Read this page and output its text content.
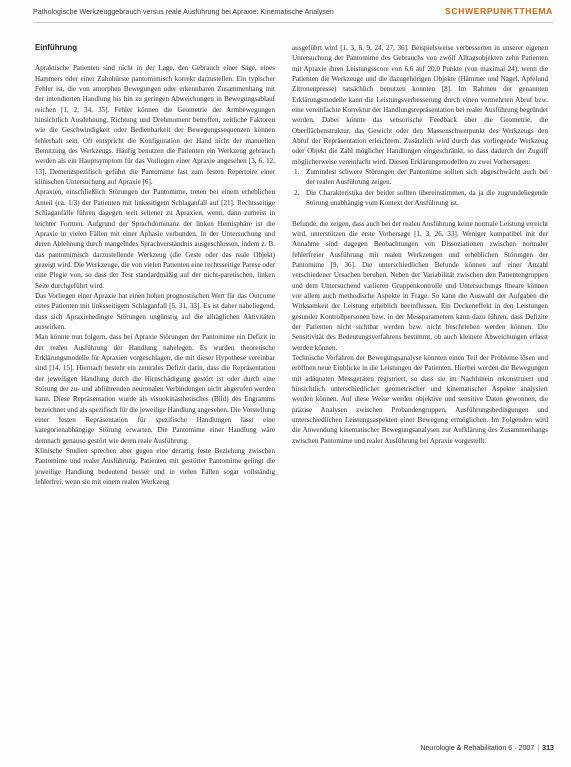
Pathologische Werkzeuggebrauch versus reale Ausführung bei Apraxie: Kinematische Analysen	SCHWERPUNKTTHEMA
Einführung

Apraktische Patienten sind nicht in der Lage, den Gebrauch einer Säge, eines Hammers oder einer Zahnbürste pantomimisch korrekt darzustellen. Ein typischer Fehler ist, die von amorphen Bewegungen oder erkennbaren Zusammenhang mit der intendierten Handlung bis hin zu geringen Abweichungen in Bewegungsablauf reichen [1, 2, 34, 35]. Fehler können die Geometrie der Armbewegungen hinsichtlich Ausdehnung, Richtung und Drehmoment betreffen, zeitliche Faktoren wie die Geschwindigkeit oder Bedienbarkeit der Bewegungssequenzen können fehlerhaft sein. Oft entspricht die Konfiguration der Hand nicht der manuellen Benutzung des Werkzeugs. Häufig benutzen die Patienten ein Werkzeug gebrauch werden als ein Hauptsymptom für das Vorliegen einer Apraxie angesehen [3, 6, 12, 13]. Demenzspezifisch geführt die Pantomime fast zum festen Repertoire einer klinischen Untersuchung auf Apraxie [6].

Apraxien, einschließlich Störungen der Pantomime, treten bei einem erheblichen Anteil (ca. 1/3) der Patienten mit linkssitigem Schlaganfall auf [21]. Rechtsseitige Schlaganfälle führen dagegen weit seltener zu Apraxien, wenn, dann zumeist in leichter Formen. Aufgrund der Sprachdominanz der linken Hemisphäre ist die Apraxie in vielen Fällen mit einer Aphasie verbunden. In der Untersuchung und deren Ablehnung durch mangelndes Sprachverständnis ausgeschlossen, indem z. B. das pantomimisch darzustellende Werkzeug (die Geste oder das reale Objekt) gezeigt wird. Die Werkzeuge, die von vielen Patienten eine rechtsseitige Parese oder eine Plegie von, so dass der Test standardmäßig auf der nicht-paretischen, linken Seite durchgeführt wird.

Das Vorliegen einer Apraxie hat einen hohen prognostischen Wert für das Outcome eines Patienten mit linksseitigem Schlaganfall [5, 31, 33]. Es ist daher naheliegend, dass sich Apraxiebedingte Störungen ungünstig auf die alltäglichen Aktivitäten auswirken.

Man könnte nun folgern, dass bei Apraxie Störungen der Pantomime ein Defizit in der realen Ausführung der Handlung nahelegen. Es wurden theoretische Erklärungsmodelle für Apraxien vorgeschlagen, die mit dieser Hypothese vereinbar sind [14, 15]. Hiernach besteht ein zentrales Defizit darin, dass die Repräsentation der jeweiligen Handlung durch die Hirnschädigung gestört ist oder durch eine Störung der zu- und abführenden neuronalen Verbindungen nicht abgerufen werden kann. Diese Repräsentation wurde als visuokinästhetisches (Bild) des Engramms bezeichnet und als spezifisch für die jeweilige Handlung angesehen. Die Vorstellung einer festen Repräsentation für spezifische Handlungen lässt eine kategorienabhängige Störung erwarten. Die Pantomime einer Handlung wäre demnach genauso gestört wie deren reale Ausführung.

Klinische Studien sprechen aber gegen eine derartig feste Beziehung zwischen Pantomime und realer Ausführung. Patienten mit gestörter Pantomime gelingt die jeweilige Handlung bedeutend besser und in vielen Fällen sogar vollständig fehlerfrei, wenn sie mit einem realen Werkzeug

ausgeführt wird [1, 3, 8, 9, 24, 27, 36]. Beispielsweise verbesserten in unserer eigenen Untersuchung der Pantomime des Gebrauchs von zwölf Alltagsobjekten zehn Patienten mit Apraxie ihren Leistungsscore von 6,6 auf 20,0 Punkte (von maximal 24), wenn die Patienten die Werkzeuge und die dazugehörigen Objekte (Hämmer und Nagel, Apfelund Zitronenpresse) tatsächlich benutzen konnten [8]. Im Rahmen der genannten Erklärungsmodelle kann die Leistungsverbesserung durch einen vermehrten Abruf bzw. eine vereinfachte Korrektur der Handlungsrepräsentation bei realer Ausführung begründet werden. Dabei könnte das sensorische Feedback über die Geometrie, die Oberflächenstruktur, das Gewicht oder den Massenschwerpunkt des Werkzeugs den Abruf der Repräsentation erleichtern. Zusätzlich wird durch das vorliegende Werkzeug oder Objekt die Zahl möglicher Handlungen eingeschränkt, so dass dadurch der Zugriff möglicherweise vereinfacht wird. Diesen Erklärungsmodellen zu zwei Vorhersagen:

1. Zumindest schwere Störungen der Pantomime sollten sich abgeschwächt auch bei der realen Ausführung zeigen.
2. Die Charakteristika der beider sollten übereinstimmen, da ja die zugrundeliegende Störung unabhängig vom Kontext der Ausführung ist.

Befunde, die zeigen, dass auch bei der realen Ausführung keine normale Leistung erreicht wird, unterstützen die erste Vorhersage [1, 3, 26, 33]. Weniger kompatibel mit der Annahme sind dagegen Beobachtungen von Dissoziationen zwischen normaler fehlerfreier Ausführung mit realen Werkzeugen und erheblichen Störungen der Pantomime [9, 36]. Die unterschiedlichen Befunde können auf einer Anzahl verschiedener Ursachen beruhen. Neben der Variabilität zwischen den Patientengruppen und dem Untersuchend variieren Gruppenkontrolle und Untersuchungs lineare können vor allem auch methodische Aspekte in Frage. So kann die Auswahl der Aufgaben die Wirksamkeit der Leistung erheblich beeinflussen. Ein Deckeneffekt in den Leistungen gesunder Kontrollpersonen bzw. in der Messparametern kann dazu führen, dass Defizite der Patienten nicht sichtbar werden bzw. nicht beschrieben werden können. Die Sensitivität des Bedeutungsverfahrens bestimmt, ob auch kleinere Abweichungen erfasst werden können.

Technische Verfahren der Bewegungsanalyse könnten einen Teil der Probleme lösen und eröffnen neue Einblicke in die Leistungen der Patienten. Hierbei werden die Bewegungen mit adäquaten Messgeräten registriert, so dass sie im Nachhinein rekonstruiert und hinsichtlich unterschiedlicher geometrischer und kinematischer Aspekte analysiert werden können. Auf diese Weise werden objektive und sensitive Daten gewonnen, die präzise Analysen zwischen Probandengruppen, Ausführungsbedingungen und unterschiedlichen Leistungsaspekten einer Bewegung ermöglichen. Im Folgenden wird die Anwendung kinematischer Bewegungsanalysen zur Aufklärung des Zusammenhangs zwischen Pantomime und realer Ausführung bei Apraxie vorgestellt.

Neurologie & Rehabilitation 6 · 2007 | 313
